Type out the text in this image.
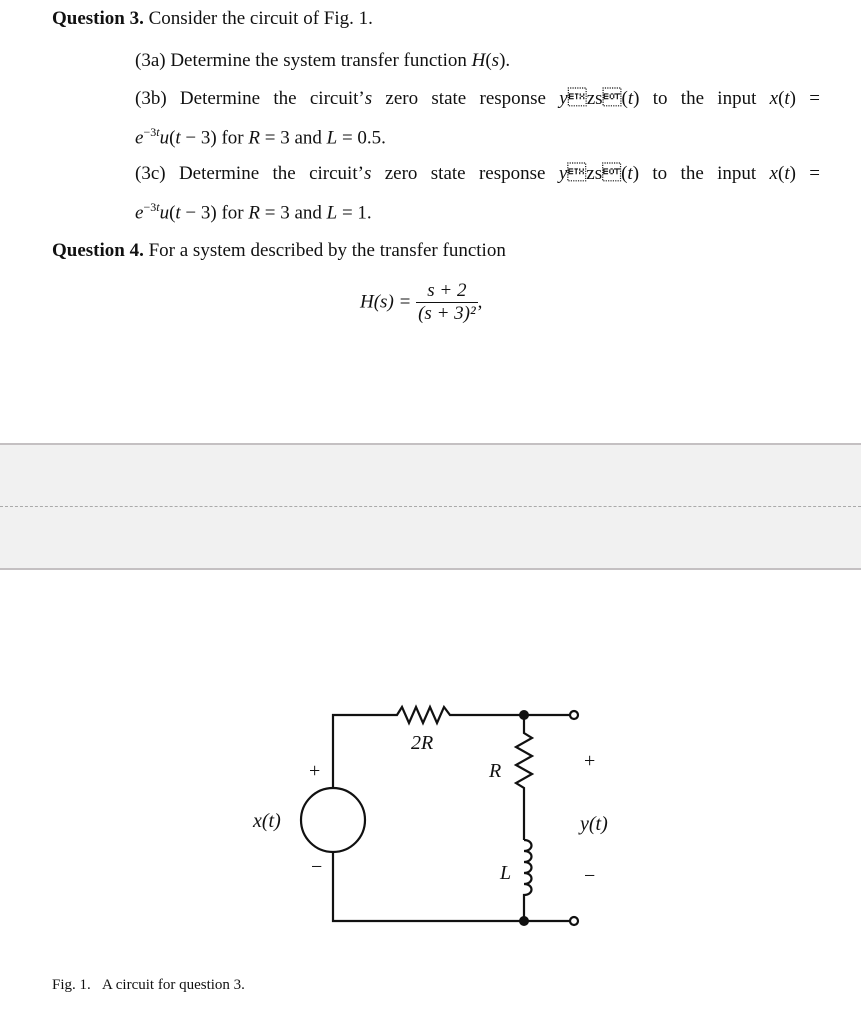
Question 3. Consider the circuit of Fig. 1.
(3a) Determine the system transfer function H(s).
(3b) Determine the circuit’s zero state response yzs(t) to the input x(t) =
$e^{-3t}u(t - 3)$ for R = 3 and L = 0.5.
(3c) Determine the circuit’s zero state response yzs(t) to the input x(t) =
$e^{-3t}u(t - 3)$ for R = 3 and L = 1.
Question 4. For a system described by the transfer function
$H(s) = \frac{s + 2}{\text{(s + 3)²}}$ ,
2R
R
L
+
−
x(t)
+
y(t)
−
Fig. 1. A circuit for question 3.
